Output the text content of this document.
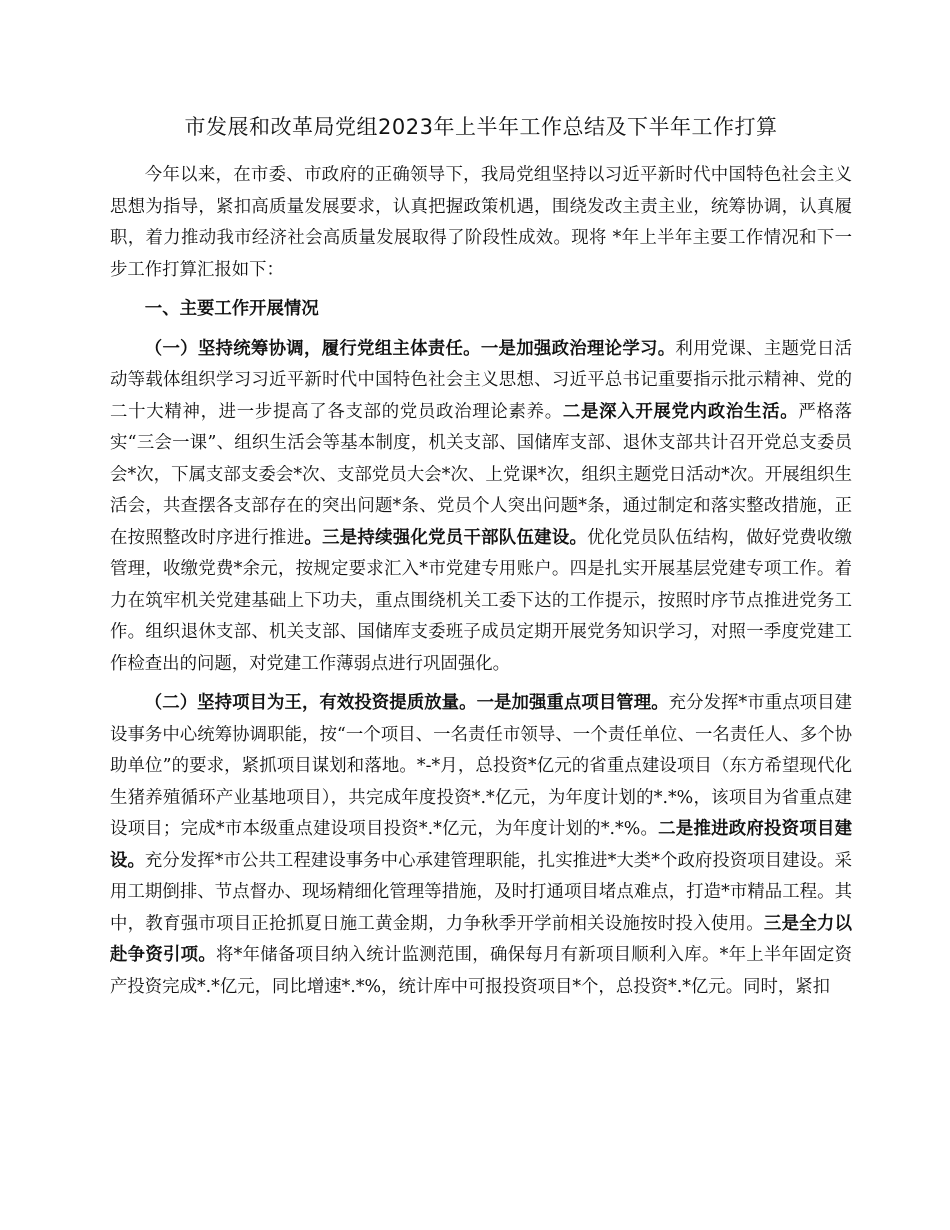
市发展和改革局党组2023年上半年工作总结及下半年工作打算

今年以来，在市委、市政府的正确领导下，我局党组坚持以习近平新时代中国特色社会主义思想为指导，紧扣高质量发展要求，认真把握政策机遇，围绕发改主责主业，统筹协调，认真履职，着力推动我市经济社会高质量发展取得了阶段性成效。现将 *年上半年主要工作情况和下一步工作打算汇报如下：

一、主要工作开展情况

（一）坚持统筹协调，履行党组主体责任。一是加强政治理论学习。利用党课、主题党日活动等载体组织学习习近平新时代中国特色社会主义思想、习近平总书记重要指示批示精神、党的二十大精神，进一步提高了各支部的党员政治理论素养。二是深入开展党内政治生活。严格落实“三会一课”、组织生活会等基本制度，机关支部、国储库支部、退休支部共计召开党总支委员会*次，下属支部支委会*次、支部党员大会*次、上党课*次，组织主题党日活动*次。开展组织生活会，共查摆各支部存在的突出问题*条、党员个人突出问题*条，通过制定和落实整改措施，正在按照整改时序进行推进。三是持续强化党员干部队伍建设。优化党员队伍结构，做好党费收缴管理，收缴党费*余元，按规定要求汇入*市党建专用账户。四是扎实开展基层党建专项工作。着力在筑牢机关党建基础上下功夫，重点围绕机关工委下达的工作提示，按照时序节点推进党务工作。组织退休支部、机关支部、国储库支委班子成员定期开展党务知识学习，对照一季度党建工作检查出的问题，对党建工作薄弱点进行巩固强化。

（二）坚持项目为王，有效投资提质放量。一是加强重点项目管理。充分发挥*市重点项目建设事务中心统筹协调职能，按“一个项目、一名责任市领导、一个责任单位、一名责任人、多个协助单位”的要求，紧抓项目谋划和落地。*-*月，总投资*亿元的省重点建设项目（东方希望现代化生猪养殖循环产业基地项目），共完成年度投资*.*亿元，为年度计划的*.*%，该项目为省重点建设项目；完成*市本级重点建设项目投资*.*亿元，为年度计划的*.*%。二是推进政府投资项目建设。充分发挥*市公共工程建设事务中心承建管理职能，扎实推进*大类*个政府投资项目建设。采用工期倒排、节点督办、现场精细化管理等措施，及时打通项目堵点难点，打造*市精品工程。其中，教育强市项目正抢抓夏日施工黄金期，力争秋季开学前相关设施按时投入使用。三是全力以赴争资引项。将*年储备项目纳入统计监测范围，确保每月有新项目顺利入库。*年上半年固定资产投资完成*.*亿元，同比增速*.*%，统计库中可报投资项目*个，总投资*.*亿元。同时，紧扣
